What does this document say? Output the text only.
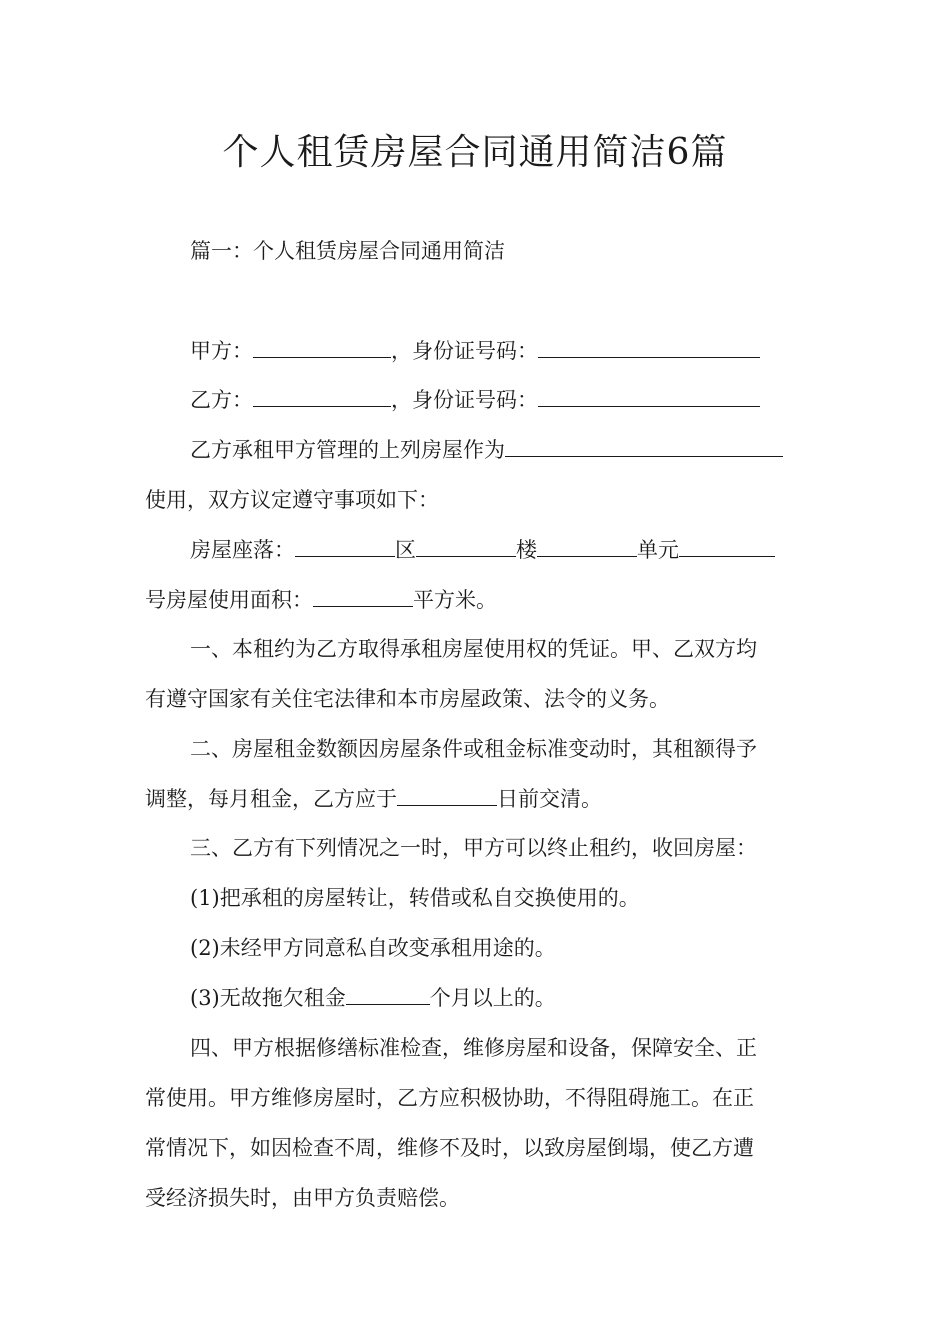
个人租赁房屋合同通用简洁6篇
篇一：个人租赁房屋合同通用简洁
甲方：	，身份证号码：
乙方：	，身份证号码：
乙方承租甲方管理的上列房屋作为
使用，双方议定遵守事项如下：
房屋座落：	区	楼	单元
号房屋使用面积：	平方米。
一、本租约为乙方取得承租房屋使用权的凭证。甲、乙双方均
有遵守国家有关住宅法律和本市房屋政策、法令的义务。
二、房屋租金数额因房屋条件或租金标准变动时，其租额得予
调整，每月租金，乙方应于	日前交清。
三、乙方有下列情况之一时，甲方可以终止租约，收回房屋：
(1)把承租的房屋转让，转借或私自交换使用的。
(2)未经甲方同意私自改变承租用途的。
(3)无故拖欠租金	个月以上的。
四、甲方根据修缮标准检查，维修房屋和设备，保障安全、正
常使用。甲方维修房屋时，乙方应积极协助，不得阻碍施工。在正
常情况下，如因检查不周，维修不及时，以致房屋倒塌，使乙方遭
受经济损失时，由甲方负责赔偿。
